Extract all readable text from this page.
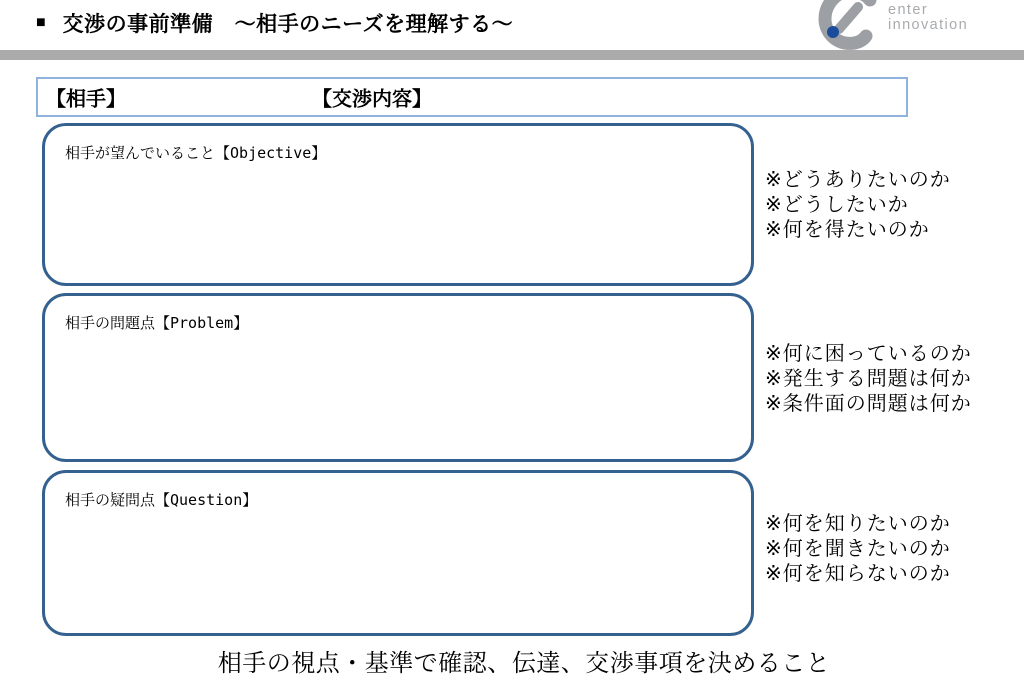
■ 交渉の事前準備　～相手のニーズを理解する～
enter
innovation
【相手】	【交渉内容】
相手が望んでいること【Objective】
※どうありたいのか
※どうしたいか
※何を得たいのか
相手の問題点【Problem】
※何に困っているのか
※発生する問題は何か
※条件面の問題は何か
相手の疑問点【Question】
※何を知りたいのか
※何を聞きたいのか
※何を知らないのか
相手の視点・基準で確認、伝達、交渉事項を決めること
